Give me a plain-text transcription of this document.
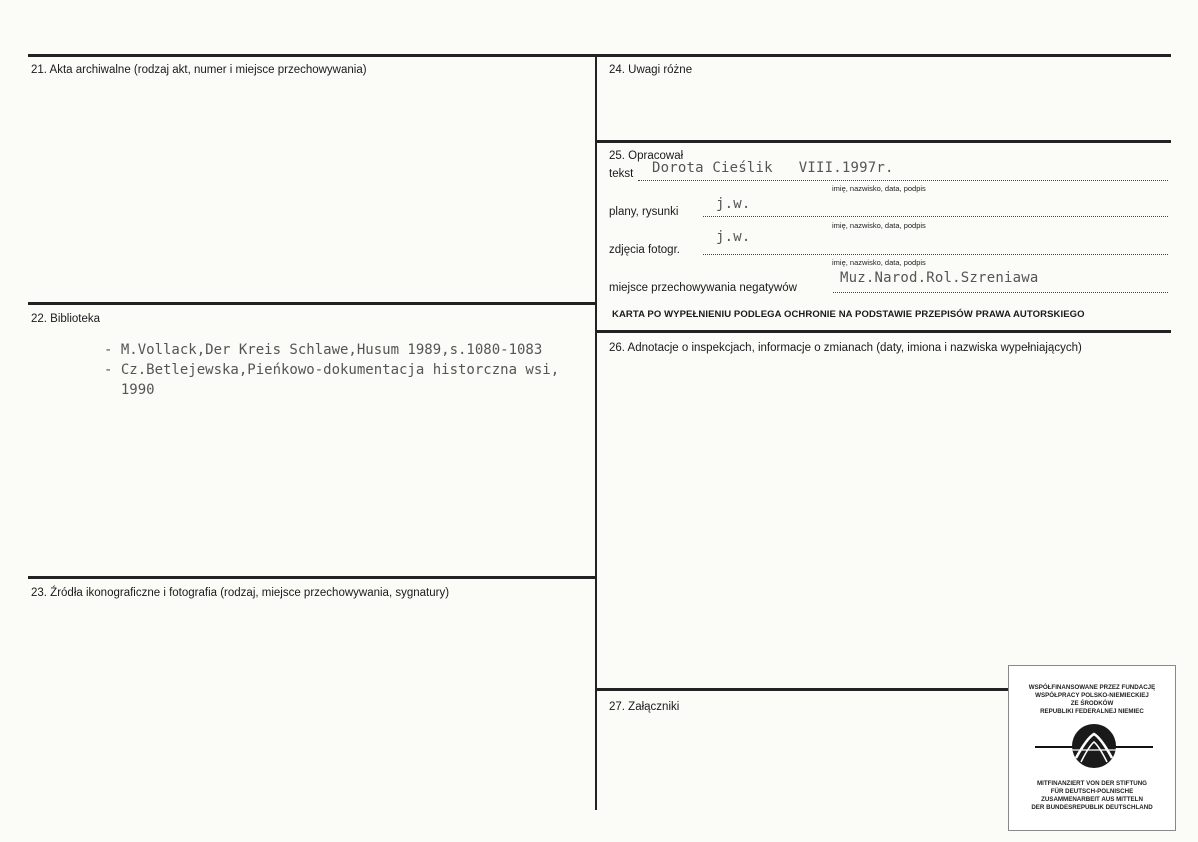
21. Akta archiwalne (rodzaj akt, numer i miejsce przechowywania)
22. Biblioteka
- M.Vollack,Der Kreis Schlawe,Husum 1989,s.1080-1083
- Cz.Betlejewska,Pieńkowo-dokumentacja historczna wsi,
1990
23. Źródła ikonograficzne i fotografia (rodzaj, miejsce przechowywania, sygnatury)
24. Uwagi różne
25. Opracował
tekst Dorota Cieślik   VIII.1997r.
imię, nazwisko, data, podpis
plany, rysunki	j.w.
imię, nazwisko, data, podpis
zdjęcia fotogr.
j.w.
imię, nazwisko, data, podpis
miejsce przechowywania negatywów
Muz.Narod.Rol.Szreniawa
KARTA PO WYPEŁNIENIU PODLEGA OCHRONIE NA PODSTAWIE PRZEPISÓW PRAWA AUTORSKIEGO
26. Adnotacje o inspekcjach, informacje o zmianach (daty, imiona i nazwiska wypełniających)
27. Załączniki
WSPÓŁFINANSOWANE PRZEZ FUNDACJĘ
WSPÓŁPRACY POLSKO-NIEMIECKIEJ
ZE ŚRODKÓW
REPUBLIKI FEDERALNEJ NIEMIEC
MITFINANZIERT VON DER STIFTUNG
FÜR DEUTSCH-POLNISCHE
ZUSAMMENARBEIT AUS MITTELN
DER BUNDESREPUBLIK DEUTSCHLAND
